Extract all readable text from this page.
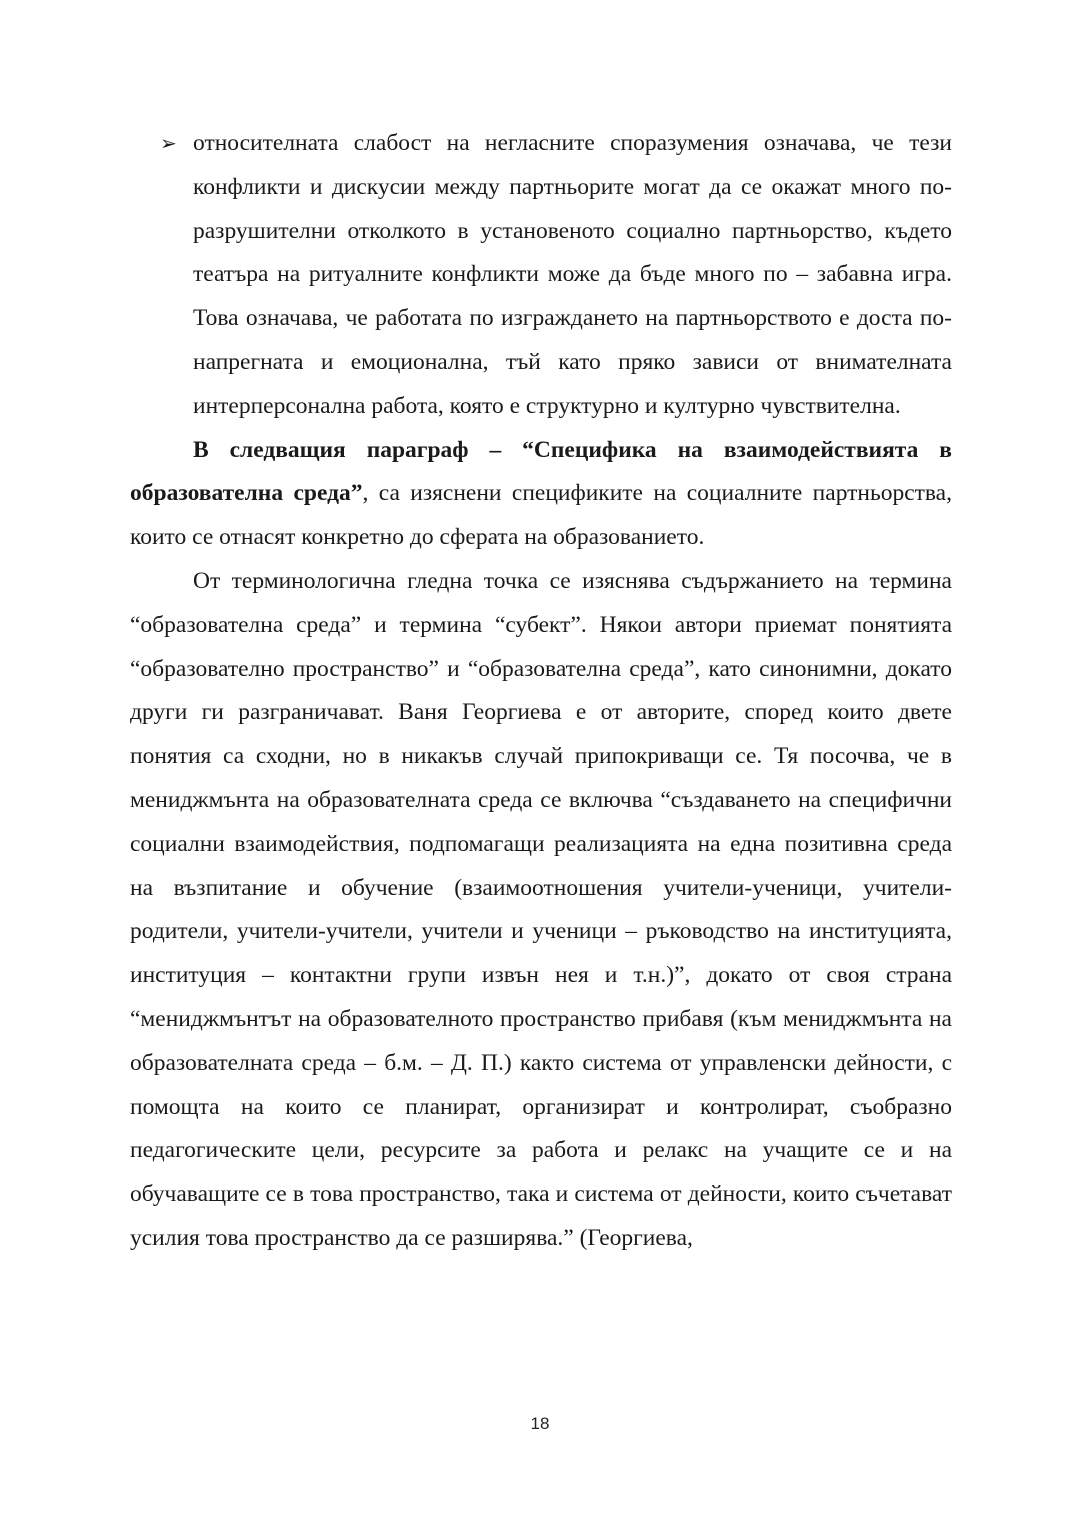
➢ относителната слабост на негласните споразумения означава, че тези конфликти и дискусии между партньорите могат да се окажат много по-разрушителни отколкото в установеното социално партньорство, където театъра на ритуалните конфликти може да бъде много по – забавна игра. Това означава, че работата по изграждането на партньорството е доста по-напрегната и емоционална, тъй като пряко зависи от внимателната интерперсонална работа, която е структурно и културно чувствителна.

В следващия параграф – “Специфика на взаимодействията в образователна среда”, са изяснени спецификите на социалните партньорства, които се отнасят конкретно до сферата на образованието.

От терминологична гледна точка се изяснява съдържанието на термина “образователна среда” и термина “субект”. Някои автори приемат понятията “образователно пространство” и “образователна среда”, като синонимни, докато други ги разграничават. Ваня Георгиева е от авторите, според които двете понятия са сходни, но в никакъв случай припокриващи се. Тя посочва, че в мениджмънта на образователната среда се включва “създаването на специфични социални взаимодействия, подпомагащи реализацията на една позитивна среда на възпитание и обучение (взаимоотношения учители-ученици, учители-родители, учители-учители, учители и ученици – ръководство на институцията, институция – контактни групи извън нея и т.н.)”, докато от своя страна “мениджмънтът на образователното пространство прибавя (към мениджмънта на образователната среда – б.м. – Д. П.) както система от управленски дейности, с помощта на които се планират, организират и контролират, съобразно педагогическите цели, ресурсите за работа и релакс на учащите се и на обучаващите се в това пространство, така и система от дейности, които съчетават усилия това пространство да се разширява.” (Георгиева,

18
